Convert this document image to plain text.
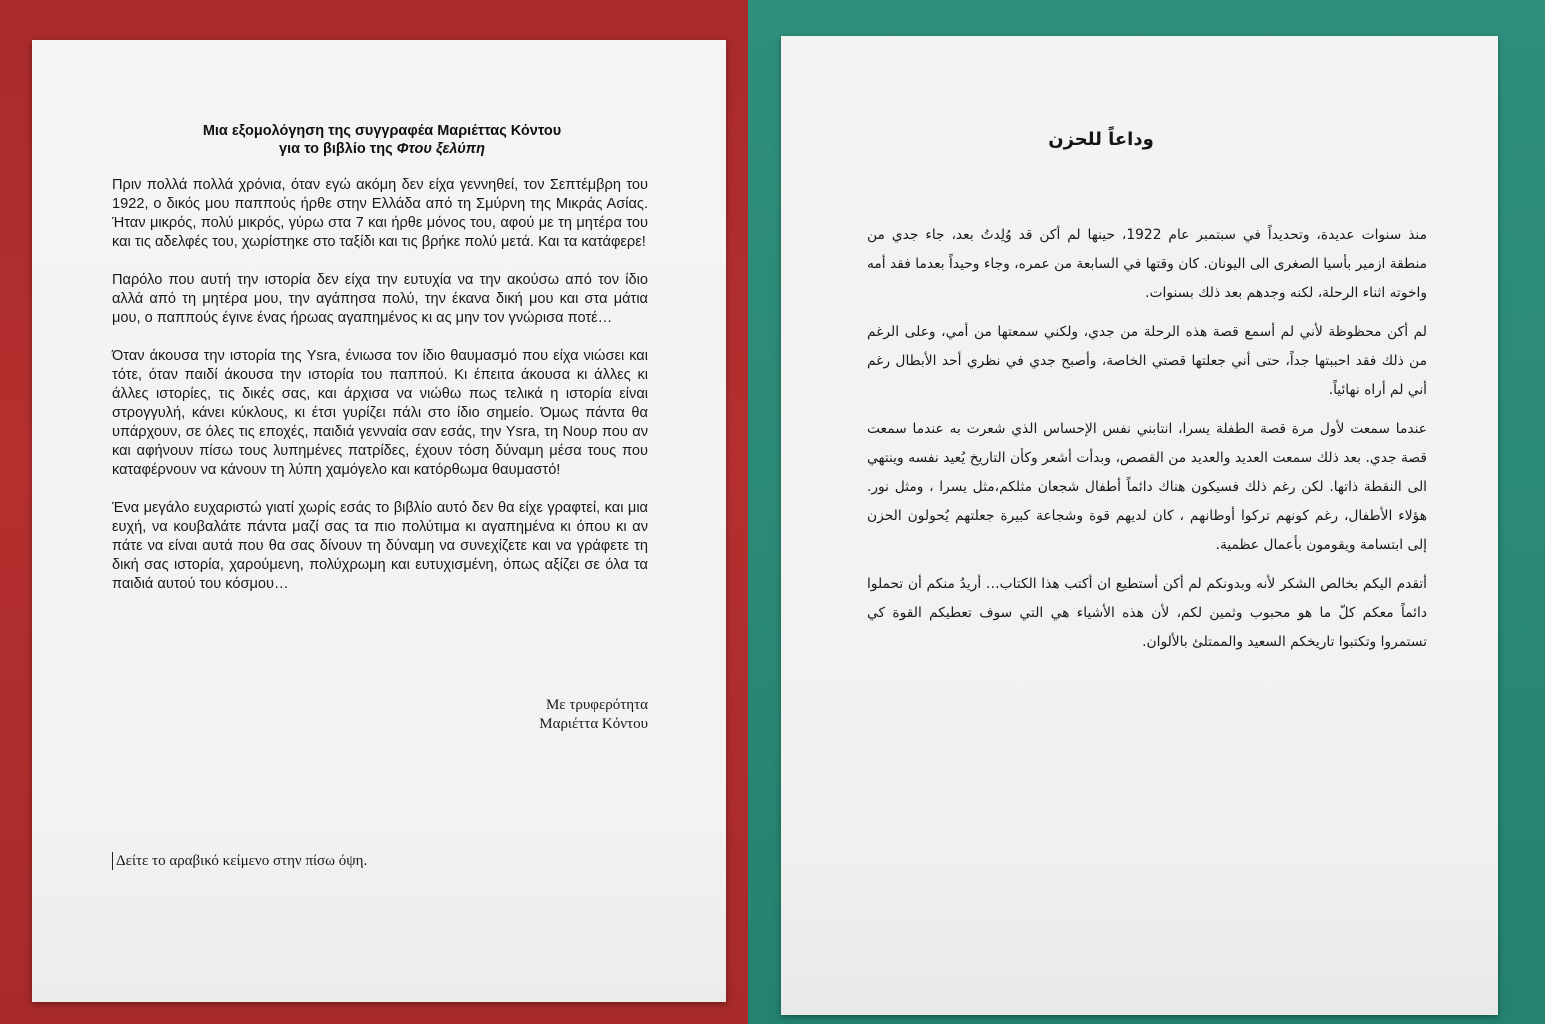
Μια εξομολόγηση της συγγραφέα Μαριέττας Κόντου
για το βιβλίο της Φτου ξελύπη

Πριν πολλά πολλά χρόνια, όταν εγώ ακόμη δεν είχα γεννηθεί, τον Σεπτέμβρη του 1922, ο δικός μου παππούς ήρθε στην Ελλάδα από τη Σμύρνη της Μικράς Ασίας. Ήταν μικρός, πολύ μικρός, γύρω στα 7 και ήρθε μόνος του, αφού με τη μητέρα του και τις αδελφές του, χωρίστηκε στο ταξίδι και τις βρήκε πολύ μετά. Και τα κατάφερε!

Παρόλο που αυτή την ιστορία δεν είχα την ευτυχία να την ακούσω από τον ίδιο αλλά από τη μητέρα μου, την αγάπησα πολύ, την έκανα δική μου και στα μάτια μου, ο παππούς έγινε ένας ήρωας αγαπημένος κι ας μην τον γνώρισα ποτέ…

Όταν άκουσα την ιστορία της Ysra, ένιωσα τον ίδιο θαυμασμό που είχα νιώσει και τότε, όταν παιδί άκουσα την ιστορία του παππού. Κι έπειτα άκουσα κι άλλες κι άλλες ιστορίες, τις δικές σας, και άρχισα να νιώθω πως τελικά η ιστορία είναι στρογγυλή, κάνει κύκλους, κι έτσι γυρίζει πάλι στο ίδιο σημείο. Όμως πάντα θα υπάρχουν, σε όλες τις εποχές, παιδιά γενναία σαν εσάς, την Ysra, τη Νουρ που αν και αφήνουν πίσω τους λυπημένες πατρίδες, έχουν τόση δύναμη μέσα τους που καταφέρνουν να κάνουν τη λύπη χαμόγελο και κατόρθωμα θαυμαστό!

Ένα μεγάλο ευχαριστώ γιατί χωρίς εσάς το βιβλίο αυτό δεν θα είχε γραφτεί, και μια ευχή, να κουβαλάτε πάντα μαζί σας τα πιο πολύτιμα κι αγαπημένα κι όπου κι αν πάτε να είναι αυτά που θα σας δίνουν τη δύναμη να συνεχίζετε και να γράφετε τη δική σας ιστορία, χαρούμενη, πολύχρωμη και ευτυχισμένη, όπως αξίζει σε όλα τα παιδιά αυτού του κόσμου…

Με τρυφερότητα
Μαριέττα Κόντου
Δείτε το αραβικό κείμενο στην πίσω όψη.
وداعاً للحزن

منذ سنوات عديدة، وتحديداً في سبتمبر عام 1922، حينها لم أكن قد وُلِدتُ بعد، جاء جدي من منطقة ازمير بأسيا الصغرى الى اليونان. كان وقتها في السابعة من عمره، وجاء وحيداً بعدما فقد أمه واخوته اثناء الرحلة، لكنه وجدهم بعد ذلك بسنوات.

لم أكن محظوظة لأني لم أسمع قصة هذه الرحلة من جدي، ولكني سمعتها من أمي، وعلى الرغم من ذلك فقد احببتها جداً، حتى أني جعلتها قصتي الخاصة، وأصبح جدي في نظري أحد الأبطال رغم أني لم أراه نهائياً.

عندما سمعت لأول مرة قصة الطفلة يسرا، انتابني نفس الإحساس الذي شعرت به عندما سمعت قصة جدي. بعد ذلك سمعت العديد والعديد من القصص، وبدأت أشعر وكأن التاريخ يُعيد نفسه وينتهي الى النقطة ذاتها. لكن رغم ذلك فسيكون هناك دائماً أطفال شجعان مثلكم،مثل يسرا ، ومثل نور. هؤلاء الأطفال، رغم كونهم تركوا أوطانهم ، كان لديهم قوة وشجاعة كبيرة جعلتهم يُحولون الحزن إلى ابتسامة ويقومون بأعمال عظمية.

أتقدم اليكم بخالص الشكر لأنه وبدونكم لم أكن أستطيع ان أكتب هذا الكتاب… أريدُ منكم أن تحملوا دائماً معكم كلّ ما هو محبوب وثمين لكم، لأن هذه الأشياء هي التي سوف تعطيكم القوة كي تستمروا وتكتبوا تاريخكم السعيد والممتلئ بالألوان.
